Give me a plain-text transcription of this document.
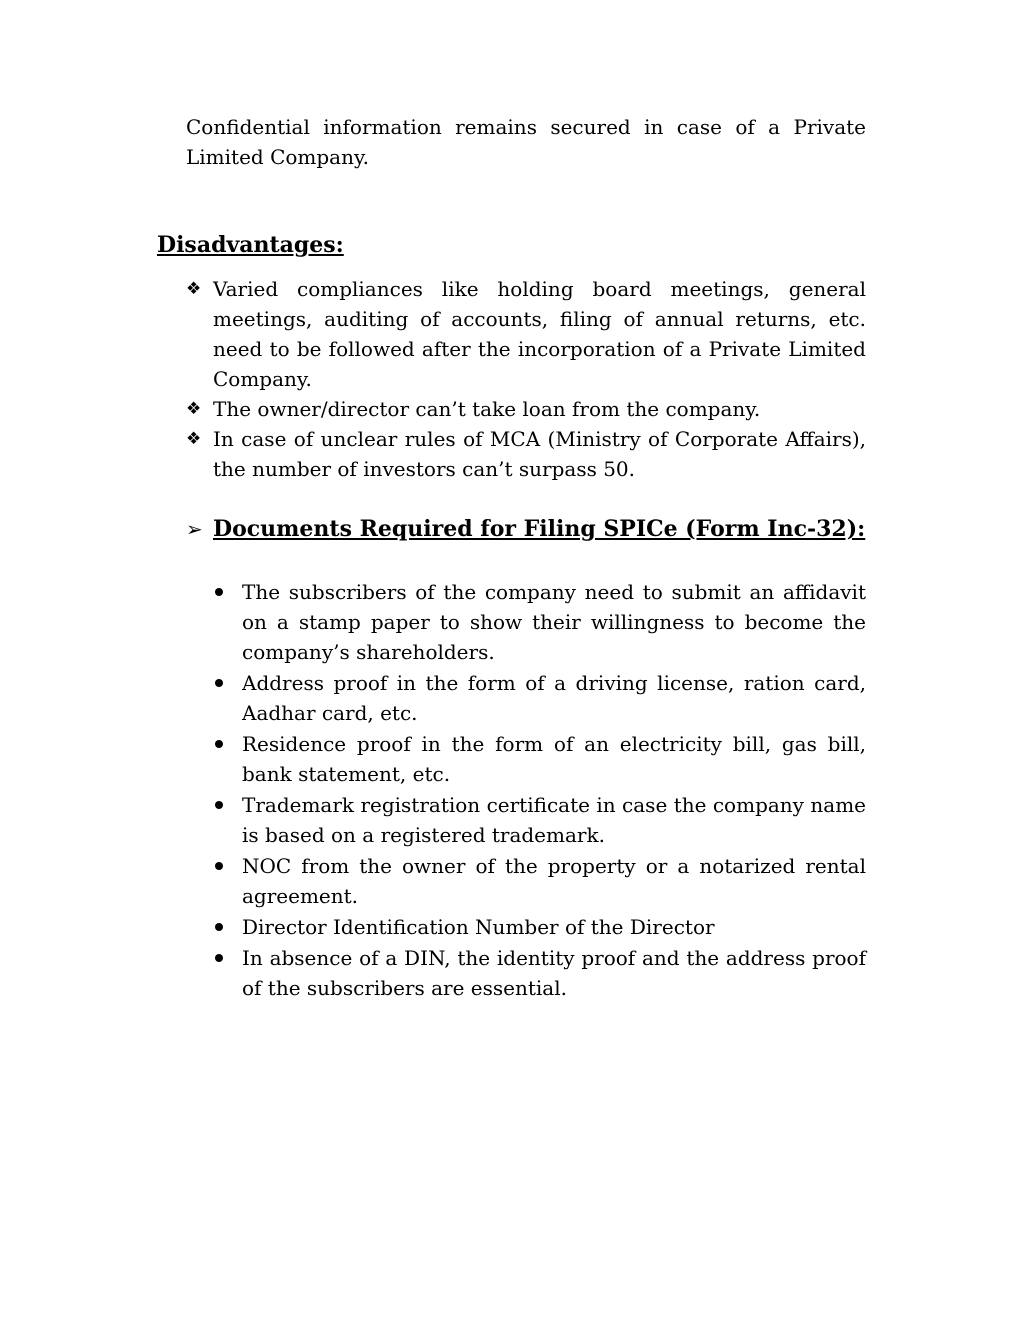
Confidential information remains secured in case of a Private Limited Company.

Disadvantages:
❖ Varied compliances like holding board meetings, general meetings, auditing of accounts, filing of annual returns, etc. need to be followed after the incorporation of a Private Limited Company.
❖ The owner/director can’t take loan from the company.
❖ In case of unclear rules of MCA (Ministry of Corporate Affairs), the number of investors can’t surpass 50.
➢ Documents Required for Filing SPICe (Form Inc-32):
The subscribers of the company need to submit an affidavit on a stamp paper to show their willingness to become the company’s shareholders.
Address proof in the form of a driving license, ration card, Aadhar card, etc.
Residence proof in the form of an electricity bill, gas bill, bank statement, etc.
Trademark registration certificate in case the company name is based on a registered trademark.
NOC from the owner of the property or a notarized rental agreement.
Director Identification Number of the Director
In absence of a DIN, the identity proof and the address proof of the subscribers are essential.
